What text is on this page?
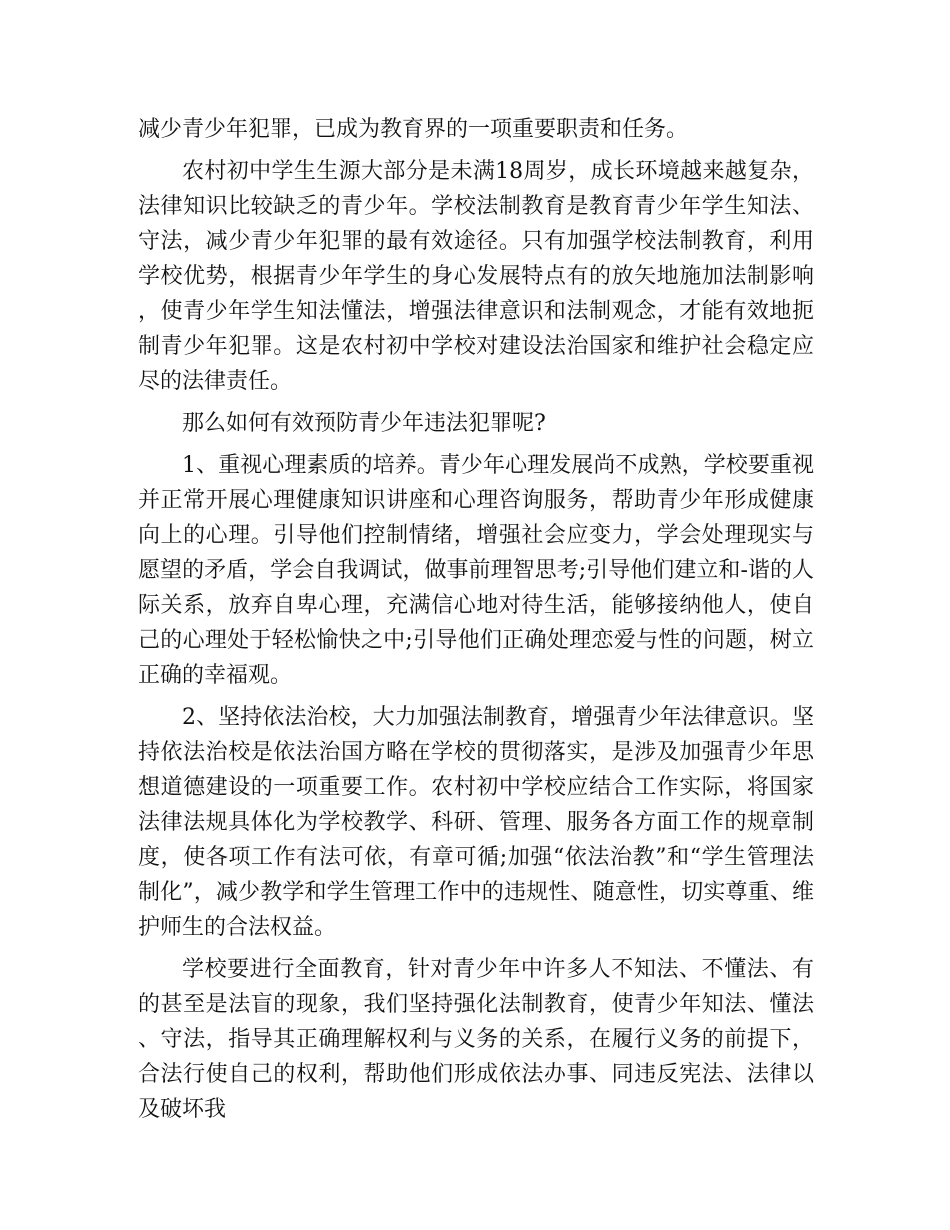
减少青少年犯罪，已成为教育界的一项重要职责和任务。

农村初中学生生源大部分是未满18周岁，成长环境越来越复杂，法律知识比较缺乏的青少年。学校法制教育是教育青少年学生知法、守法，减少青少年犯罪的最有效途径。只有加强学校法制教育，利用学校优势，根据青少年学生的身心发展特点有的放矢地施加法制影响，使青少年学生知法懂法，增强法律意识和法制观念，才能有效地扼制青少年犯罪。这是农村初中学校对建设法治国家和维护社会稳定应尽的法律责任。

那么如何有效预防青少年违法犯罪呢?

1、重视心理素质的培养。青少年心理发展尚不成熟，学校要重视并正常开展心理健康知识讲座和心理咨询服务，帮助青少年形成健康向上的心理。引导他们控制情绪，增强社会应变力，学会处理现实与愿望的矛盾，学会自我调试，做事前理智思考;引导他们建立和-谐的人际关系，放弃自卑心理，充满信心地对待生活，能够接纳他人，使自己的心理处于轻松愉快之中;引导他们正确处理恋爱与性的问题，树立正确的幸福观。

2、坚持依法治校，大力加强法制教育，增强青少年法律意识。坚持依法治校是依法治国方略在学校的贯彻落实，是涉及加强青少年思想道德建设的一项重要工作。农村初中学校应结合工作实际，将国家法律法规具体化为学校教学、科研、管理、服务各方面工作的规章制度，使各项工作有法可依，有章可循;加强“依法治教”和“学生管理法制化”，减少教学和学生管理工作中的违规性、随意性，切实尊重、维护师生的合法权益。

学校要进行全面教育，针对青少年中许多人不知法、不懂法、有的甚至是法盲的现象，我们坚持强化法制教育，使青少年知法、懂法、守法，指导其正确理解权利与义务的关系，在履行义务的前提下，合法行使自己的权利，帮助他们形成依法办事、同违反宪法、法律以及破坏我
